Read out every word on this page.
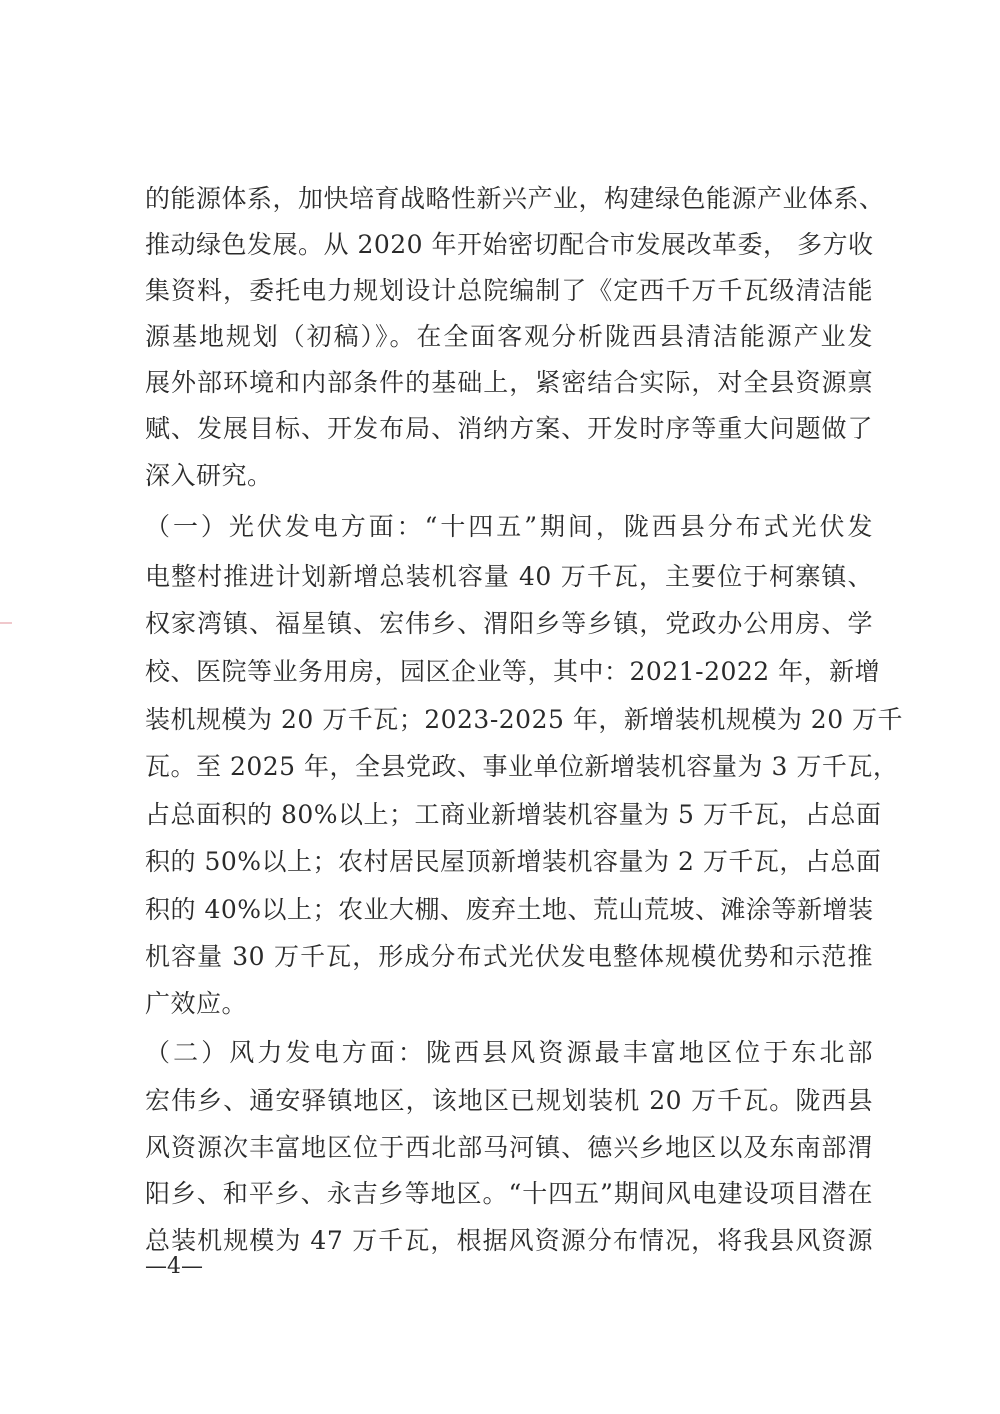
的能源体系，加快培育战略性新兴产业，构建绿色能源产业体系、
推动绿色发展。从 2020 年开始密切配合市发展改革委， 多方收
集资料，委托电力规划设计总院编制了《定西千万千瓦级清洁能
源基地规划（初稿）》。在全面客观分析陇西县清洁能源产业发
展外部环境和内部条件的基础上，紧密结合实际，对全县资源禀
赋、发展目标、开发布局、消纳方案、开发时序等重大问题做了
深入研究。
（一）光伏发电方面：“十四五”期间，陇西县分布式光伏发
电整村推进计划新增总装机容量 40 万千瓦，主要位于柯寨镇、
权家湾镇、福星镇、宏伟乡、渭阳乡等乡镇，党政办公用房、学
校、医院等业务用房，园区企业等，其中：2021-2022 年，新增
装机规模为 20 万千瓦；2023-2025 年，新增装机规模为 20 万千
瓦。至 2025 年，全县党政、事业单位新增装机容量为 3 万千瓦，
占总面积的 80%以上；工商业新增装机容量为 5 万千瓦，占总面
积的 50%以上；农村居民屋顶新增装机容量为 2 万千瓦，占总面
积的 40%以上；农业大棚、废弃土地、荒山荒坡、滩涂等新增装
机容量 30 万千瓦，形成分布式光伏发电整体规模优势和示范推
广效应。
（二）风力发电方面：陇西县风资源最丰富地区位于东北部
宏伟乡、通安驿镇地区，该地区已规划装机 20 万千瓦。陇西县
风资源次丰富地区位于西北部马河镇、德兴乡地区以及东南部渭
阳乡、和平乡、永吉乡等地区。“十四五”期间风电建设项目潜在
总装机规模为 47 万千瓦，根据风资源分布情况，将我县风资源
—4—
